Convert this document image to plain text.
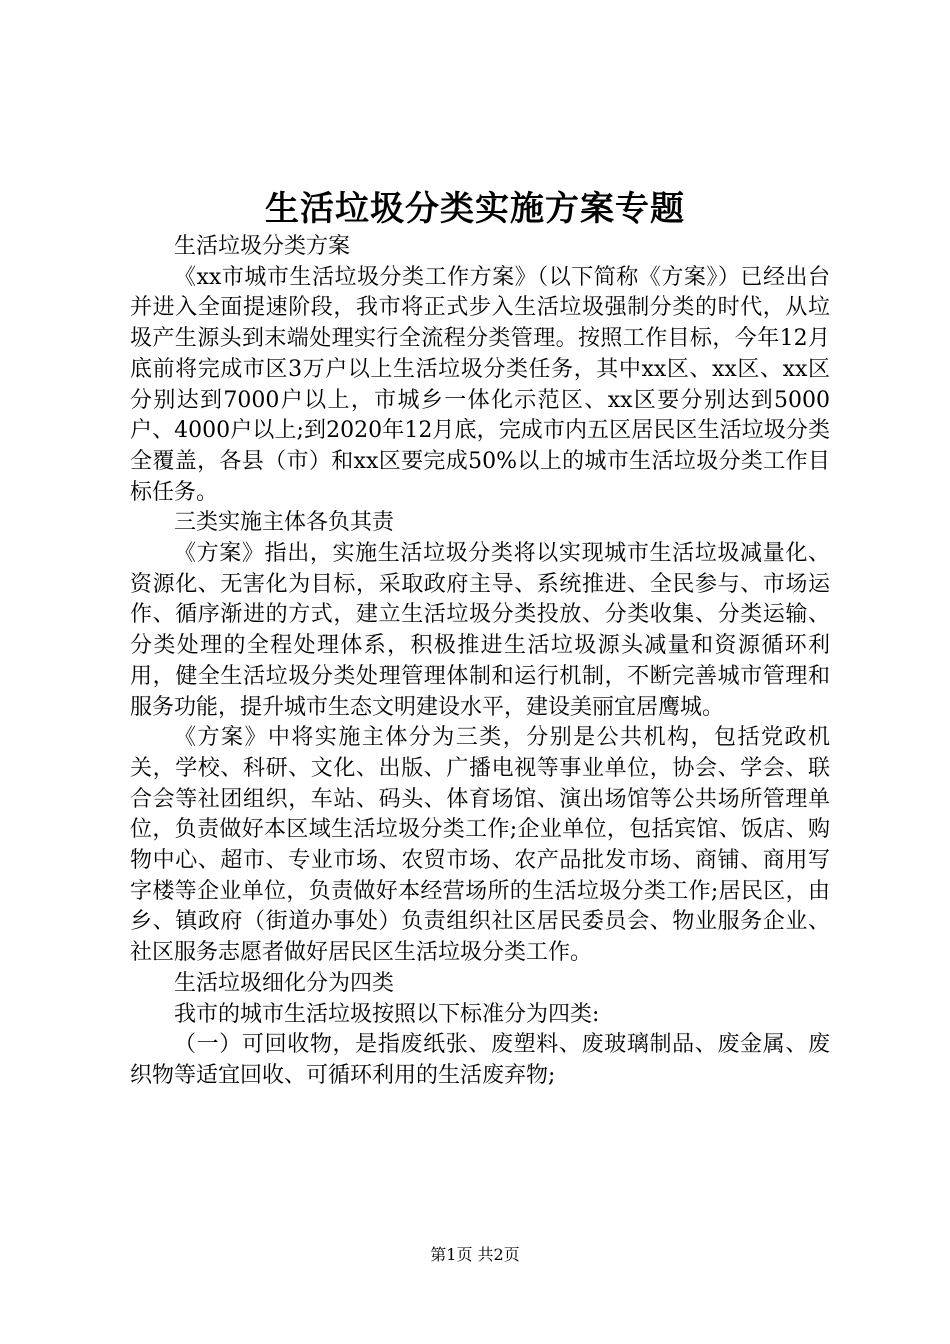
生活垃圾分类实施方案专题

生活垃圾分类方案

《xx市城市生活垃圾分类工作方案》（以下简称《方案》）已经出台并进入全面提速阶段，我市将正式步入生活垃圾强制分类的时代，从垃圾产生源头到末端处理实行全流程分类管理。按照工作目标，今年12月底前将完成市区3万户以上生活垃圾分类任务，其中xx区、xx区、xx区分别达到7000户以上，市城乡一体化示范区、xx区要分别达到5000户、4000户以上;到2020年12月底，完成市内五区居民区生活垃圾分类全覆盖，各县（市）和xx区要完成50%以上的城市生活垃圾分类工作目标任务。

三类实施主体各负其责

《方案》指出，实施生活垃圾分类将以实现城市生活垃圾减量化、资源化、无害化为目标，采取政府主导、系统推进、全民参与、市场运作、循序渐进的方式，建立生活垃圾分类投放、分类收集、分类运输、分类处理的全程处理体系，积极推进生活垃圾源头减量和资源循环利用，健全生活垃圾分类处理管理体制和运行机制，不断完善城市管理和服务功能，提升城市生态文明建设水平，建设美丽宜居鹰城。

《方案》中将实施主体分为三类，分别是公共机构，包括党政机关，学校、科研、文化、出版、广播电视等事业单位，协会、学会、联合会等社团组织，车站、码头、体育场馆、演出场馆等公共场所管理单位，负责做好本区域生活垃圾分类工作;企业单位，包括宾馆、饭店、购物中心、超市、专业市场、农贸市场、农产品批发市场、商铺、商用写字楼等企业单位，负责做好本经营场所的生活垃圾分类工作;居民区，由乡、镇政府（街道办事处）负责组织社区居民委员会、物业服务企业、社区服务志愿者做好居民区生活垃圾分类工作。

生活垃圾细化分为四类

我市的城市生活垃圾按照以下标准分为四类:

（一）可回收物，是指废纸张、废塑料、废玻璃制品、废金属、废织物等适宜回收、可循环利用的生活废弃物;

第1页 共2页
